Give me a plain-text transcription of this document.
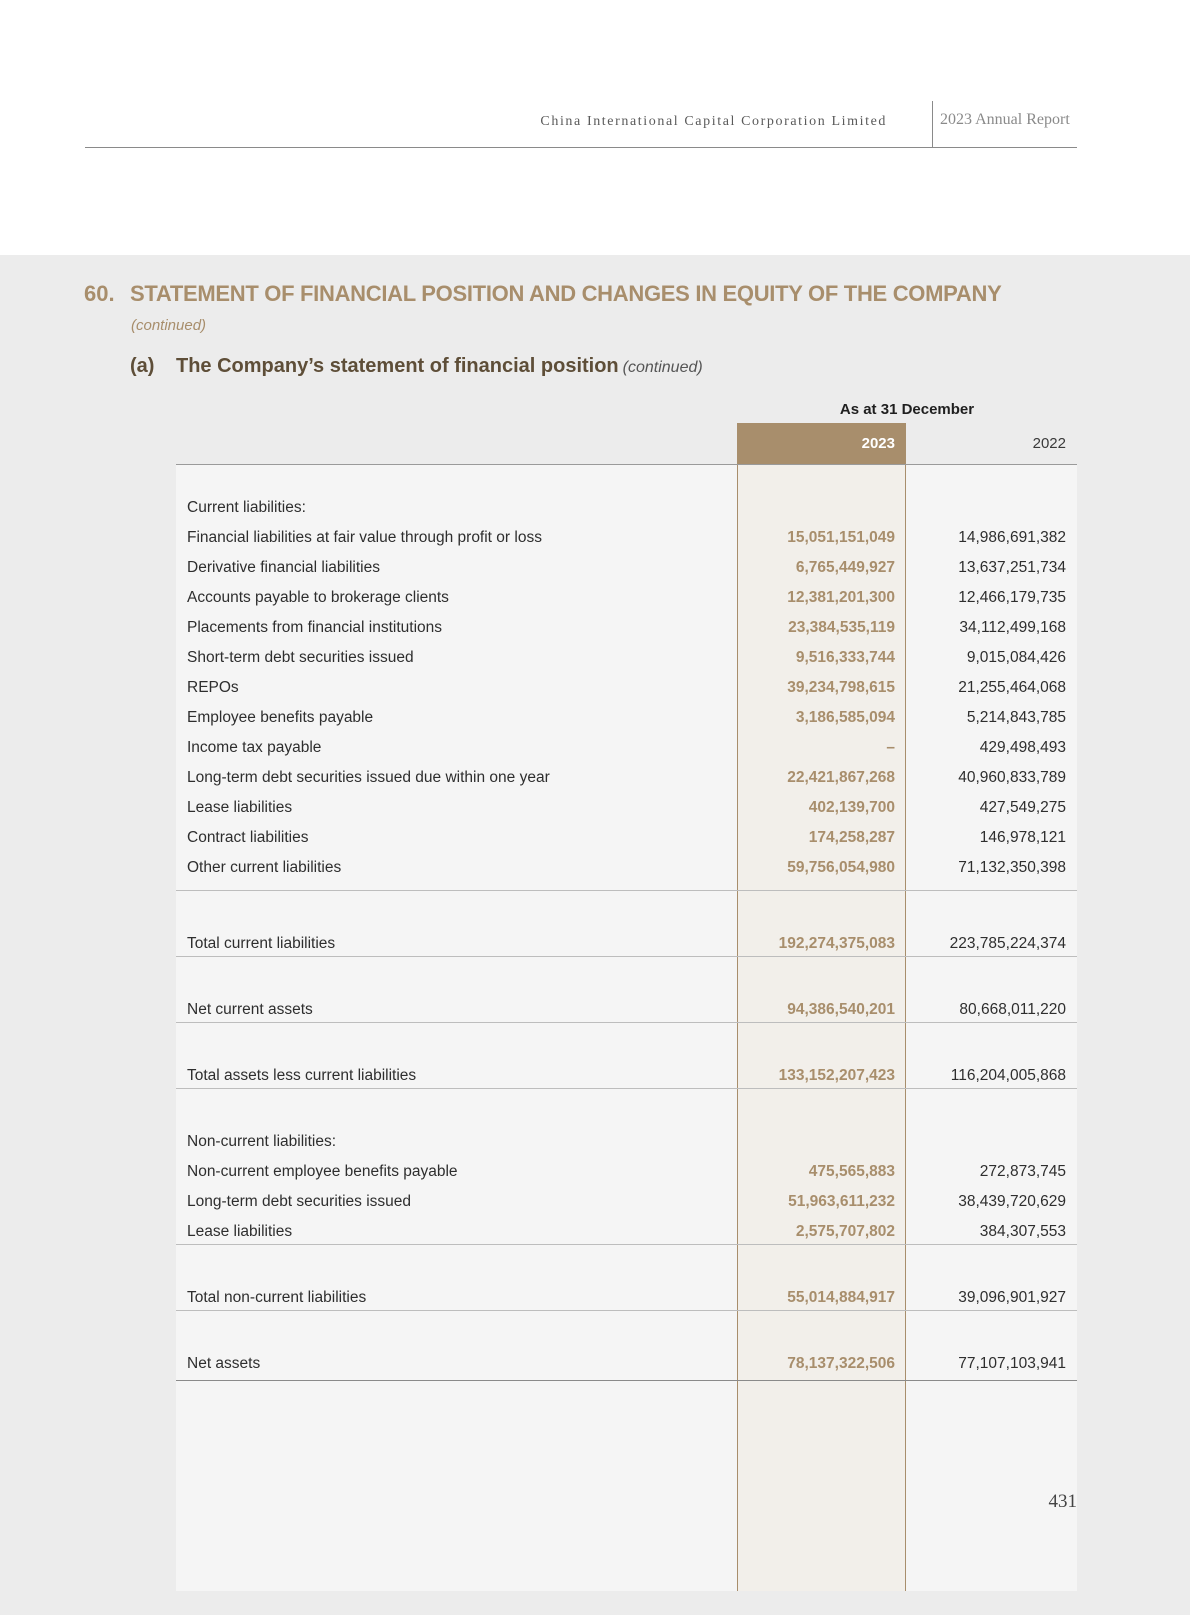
China International Capital Corporation Limited	2023 Annual Report
60. STATEMENT OF FINANCIAL POSITION AND CHANGES IN EQUITY OF THE COMPANY
(continued)
(a) The Company’s statement of financial position (continued)
As at 31 December
2023	2022
Current liabilities:
Financial liabilities at fair value through profit or loss	15,051,151,049	14,986,691,382
Derivative financial liabilities	6,765,449,927	13,637,251,734
Accounts payable to brokerage clients	12,381,201,300	12,466,179,735
Placements from financial institutions	23,384,535,119	34,112,499,168
Short-term debt securities issued	9,516,333,744	9,015,084,426
REPOs	39,234,798,615	21,255,464,068
Employee benefits payable	3,186,585,094	5,214,843,785
Income tax payable	–	429,498,493
Long-term debt securities issued due within one year	22,421,867,268	40,960,833,789
Lease liabilities	402,139,700	427,549,275
Contract liabilities	174,258,287	146,978,121
Other current liabilities	59,756,054,980	71,132,350,398
Total current liabilities	192,274,375,083	223,785,224,374
Net current assets	94,386,540,201	80,668,011,220
Total assets less current liabilities	133,152,207,423	116,204,005,868
Non-current liabilities:
Non-current employee benefits payable	475,565,883	272,873,745
Long-term debt securities issued	51,963,611,232	38,439,720,629
Lease liabilities	2,575,707,802	384,307,553
Total non-current liabilities	55,014,884,917	39,096,901,927
Net assets	78,137,322,506	77,107,103,941
431
